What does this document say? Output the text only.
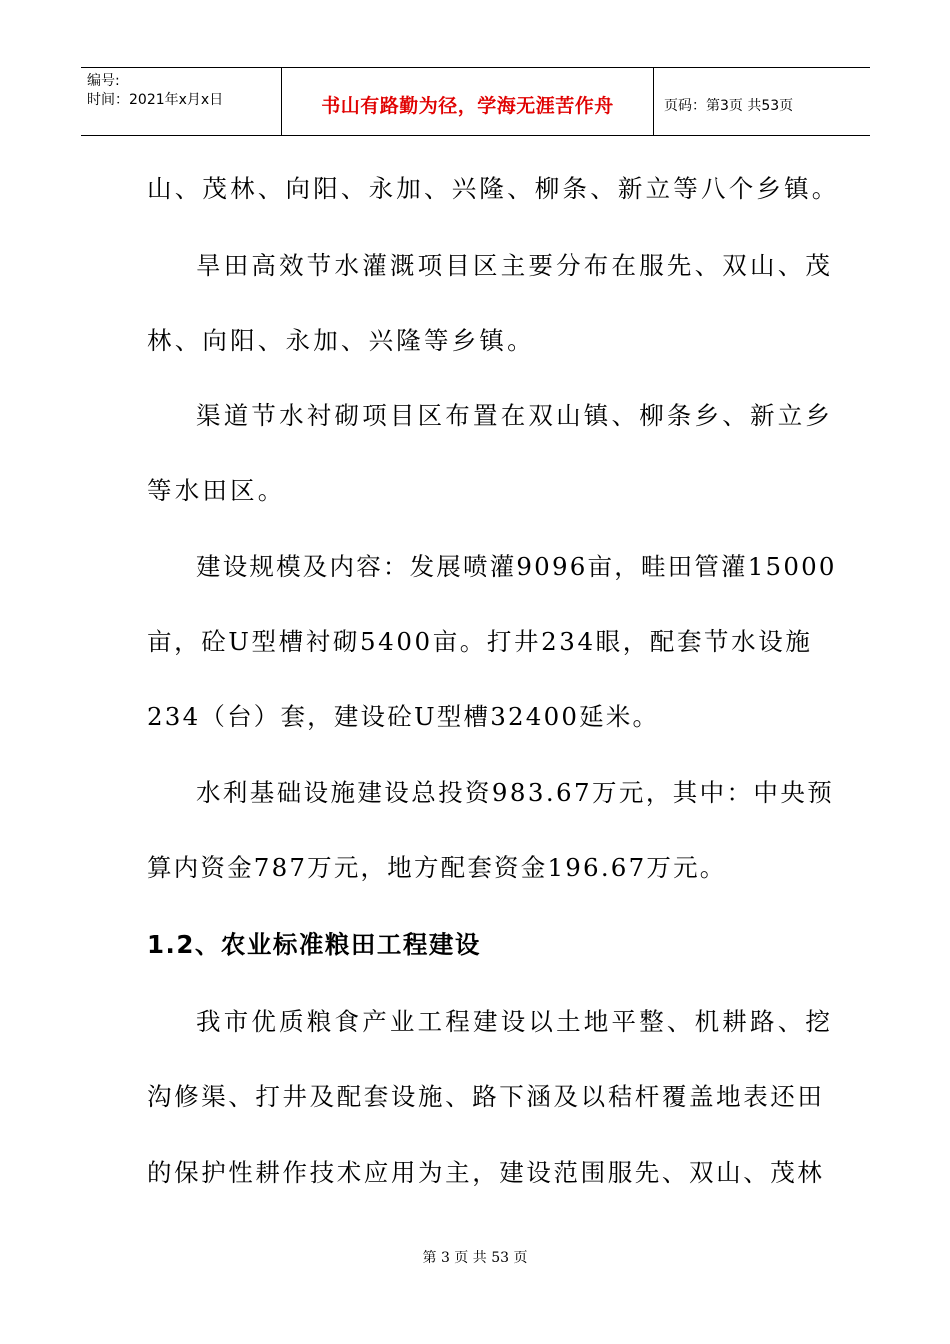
编号:
时间：2021年x月x日	书山有路勤为径，学海无涯苦作舟	页码：第3页 共53页
山、茂林、向阳、永加、兴隆、柳条、新立等八个乡镇。
旱田高效节水灌溉项目区主要分布在服先、双山、茂
林、向阳、永加、兴隆等乡镇。
渠道节水衬砌项目区布置在双山镇、柳条乡、新立乡
等水田区。
建设规模及内容：发展喷灌9096亩，畦田管灌15000
亩，砼U型槽衬砌5400亩。打井234眼，配套节水设施
234（台）套，建设砼U型槽32400延米。
水利基础设施建设总投资983.67万元，其中：中央预
算内资金787万元，地方配套资金196.67万元。
1.2、农业标准粮田工程建设
我市优质粮食产业工程建设以土地平整、机耕路、挖
沟修渠、打井及配套设施、路下涵及以秸杆覆盖地表还田
的保护性耕作技术应用为主，建设范围服先、双山、茂林
第 3 页 共 53 页
